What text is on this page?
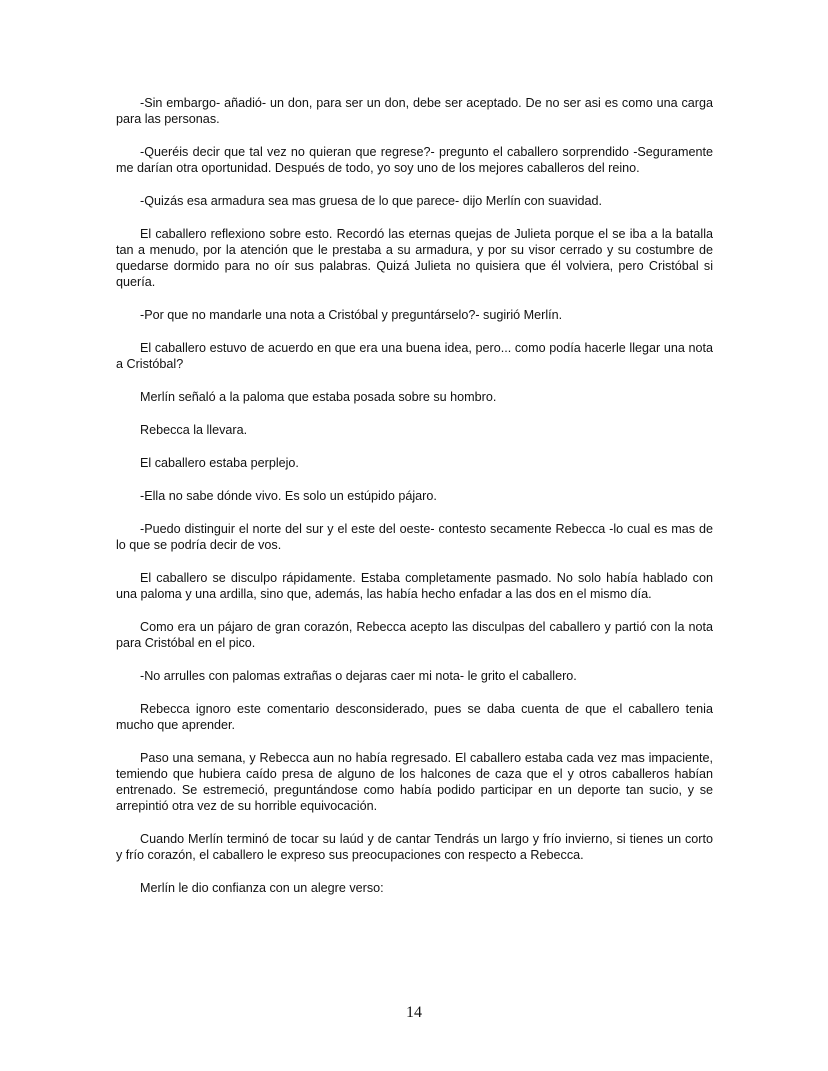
-Sin embargo- añadió- un don, para ser un don, debe ser aceptado. De no ser asi es como una carga para las personas.

-Queréis decir que tal vez no quieran que regrese?- pregunto el caballero sorprendido -Seguramente me darían otra oportunidad. Después de todo, yo soy uno de los mejores caballeros del reino.

-Quizás esa armadura sea mas gruesa de lo que parece- dijo Merlín con suavidad.

El caballero reflexiono sobre esto. Recordó las eternas quejas de Julieta porque el se iba a la batalla tan a menudo, por la atención que le prestaba a su armadura, y por su visor cerrado y su costumbre de quedarse dormido para no oír sus palabras. Quizá Julieta no quisiera que él volviera, pero Cristóbal si quería.

-Por que no mandarle una nota a Cristóbal y preguntárselo?- sugirió Merlín.

El caballero estuvo de acuerdo en que era una buena idea, pero... como podía hacerle llegar una nota a Cristóbal?

Merlín señaló a la paloma que estaba posada sobre su hombro.

Rebecca la llevara.

El caballero estaba perplejo.

-Ella no sabe dónde vivo. Es solo un estúpido pájaro.

-Puedo distinguir el norte del sur y el este del oeste- contesto secamente Rebecca -lo cual es mas de lo que se podría decir de vos.

El caballero se disculpo rápidamente. Estaba completamente pasmado. No solo había hablado con una paloma y una ardilla, sino que, además, las había hecho enfadar a las dos en el mismo día.

Como era un pájaro de gran corazón, Rebecca acepto las disculpas del caballero y partió con la nota para Cristóbal en el pico.

-No arrulles con palomas extrañas o dejaras caer mi nota- le grito el caballero.

Rebecca ignoro este comentario desconsiderado, pues se daba cuenta de que el caballero tenia mucho que aprender.

Paso una semana, y Rebecca aun no había regresado. El caballero estaba cada vez mas impaciente, temiendo que hubiera caído presa de alguno de los halcones de caza que el y otros caballeros habían entrenado. Se estremeció, preguntándose como había podido participar en un deporte tan sucio, y se arrepintió otra vez de su horrible equivocación.

Cuando Merlín terminó de tocar su laúd y de cantar Tendrás un largo y frío invierno, si tienes un corto y frío corazón, el caballero le expreso sus preocupaciones con respecto a Rebecca.

Merlín le dio confianza con un alegre verso:

14
